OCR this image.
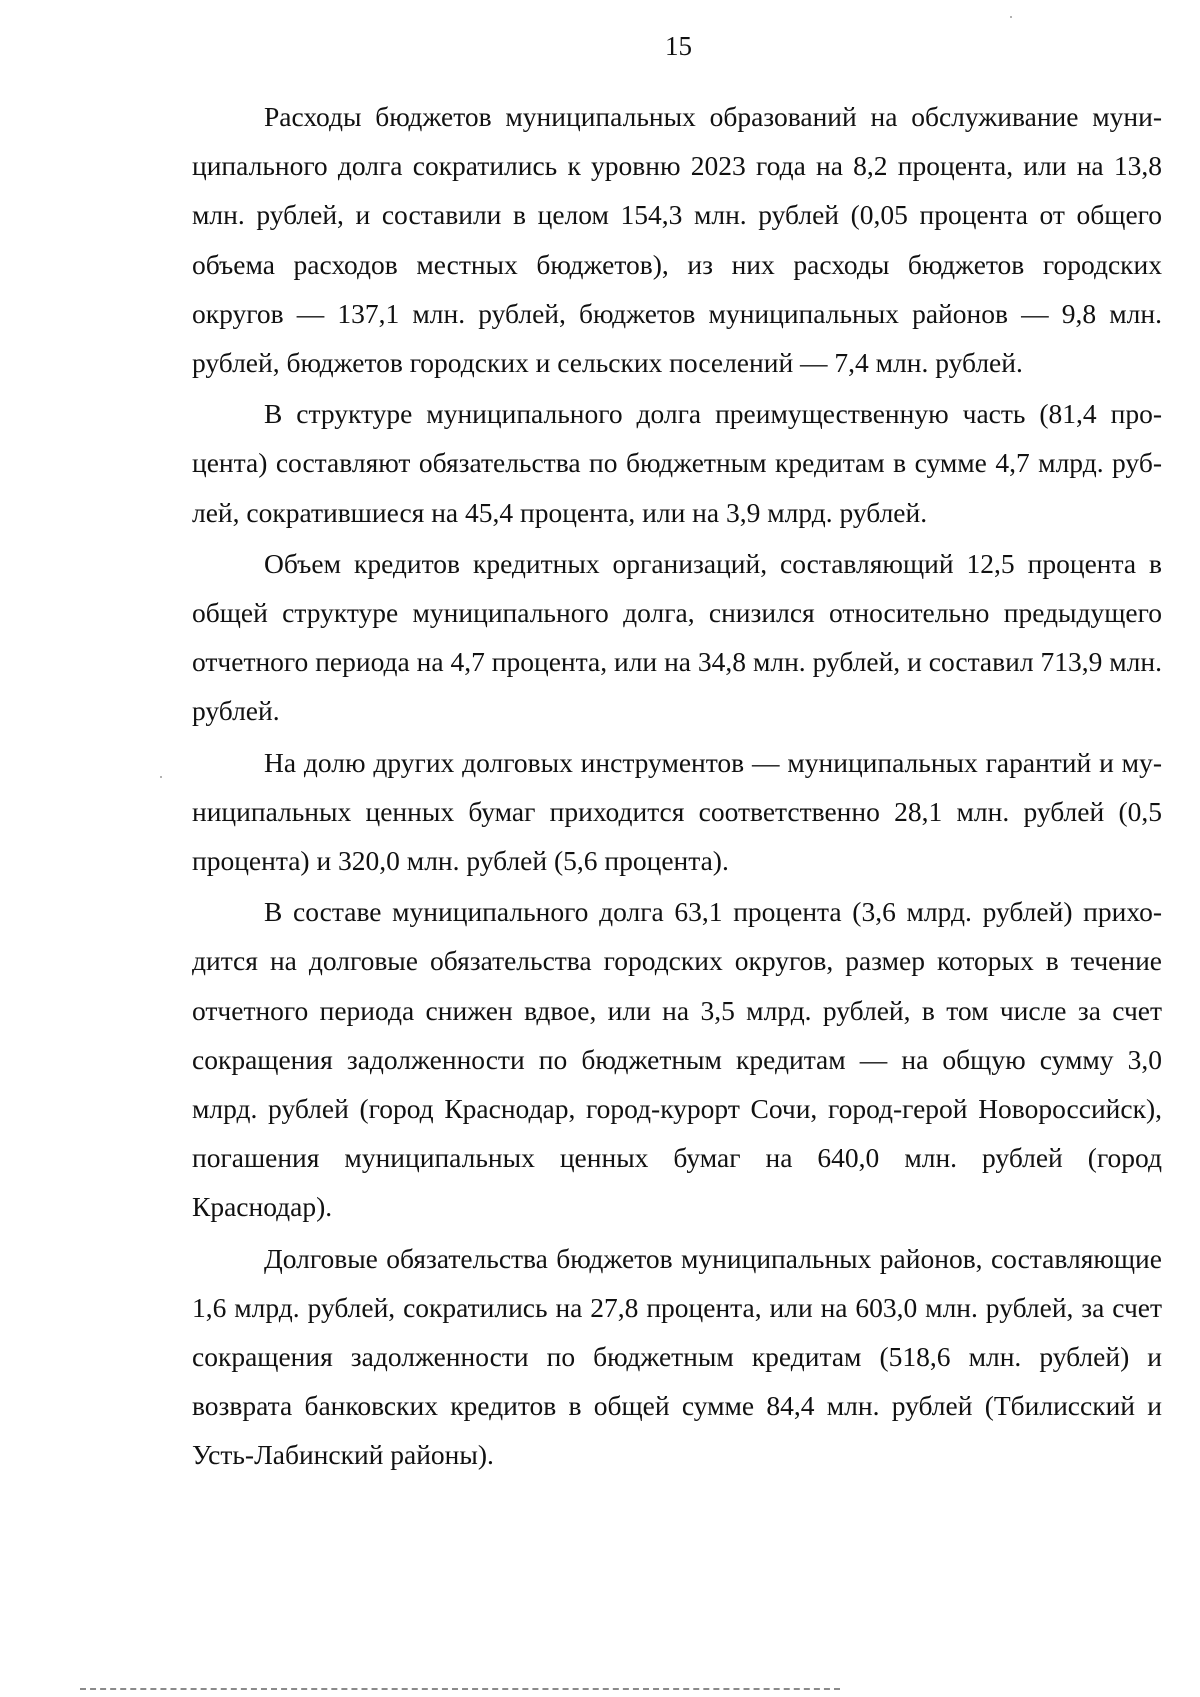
15

Расходы бюджетов муниципальных образований на обслуживание муниципального долга сократились к уровню 2023 года на 8,2 процента, или на 13,8 млн. рублей, и составили в целом 154,3 млн. рублей (0,05 процента от общего объема расходов местных бюджетов), из них расходы бюджетов городских округов — 137,1 млн. рублей, бюджетов муниципальных районов — 9,8 млн. рублей, бюджетов городских и сельских поселений — 7,4 млн. рублей.

В структуре муниципального долга преимущественную часть (81,4 процента) составляют обязательства по бюджетным кредитам в сумме 4,7 млрд. рублей, сократившиеся на 45,4 процента, или на 3,9 млрд. рублей.

Объем кредитов кредитных организаций, составляющий 12,5 процента в общей структуре муниципального долга, снизился относительно предыдущего отчетного периода на 4,7 процента, или на 34,8 млн. рублей, и составил 713,9 млн. рублей.

На долю других долговых инструментов — муниципальных гарантий и муниципальных ценных бумаг приходится соответственно 28,1 млн. рублей (0,5 процента) и 320,0 млн. рублей (5,6 процента).

В составе муниципального долга 63,1 процента (3,6 млрд. рублей) приходится на долговые обязательства городских округов, размер которых в течение отчетного периода снижен вдвое, или на 3,5 млрд. рублей, в том числе за счет сокращения задолженности по бюджетным кредитам — на общую сумму 3,0 млрд. рублей (город Краснодар, город-курорт Сочи, город-герой Новороссийск), погашения муниципальных ценных бумаг на 640,0 млн. рублей (город Краснодар).

Долговые обязательства бюджетов муниципальных районов, составляющие 1,6 млрд. рублей, сократились на 27,8 процента, или на 603,0 млн. рублей, за счет сокращения задолженности по бюджетным кредитам (518,6 млн. рублей) и возврата банковских кредитов в общей сумме 84,4 млн. рублей (Тбилисский и Усть-Лабинский районы).
